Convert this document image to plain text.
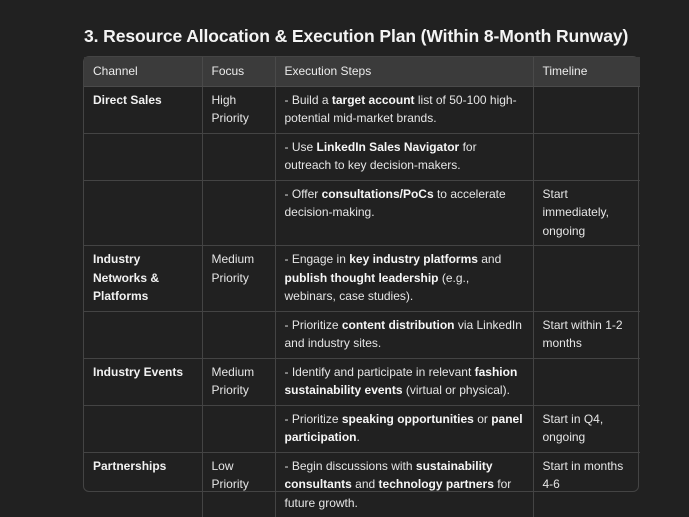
3. Resource Allocation & Execution Plan (Within 8-Month Runway)
Channel	Focus	Execution Steps	Timeline
Direct Sales	High Priority	- Build a target account list of 50-100 high-potential mid-market brands.	
		- Use LinkedIn Sales Navigator for outreach to key decision-makers.	
		- Offer consultations/PoCs to accelerate decision-making.	Start immediately, ongoing
Industry Networks & Platforms	Medium Priority	- Engage in key industry platforms and publish thought leadership (e.g., webinars, case studies).	
		- Prioritize content distribution via LinkedIn and industry sites.	Start within 1-2 months
Industry Events	Medium Priority	- Identify and participate in relevant fashion sustainability events (virtual or physical).	
		- Prioritize speaking opportunities or panel participation.	Start in Q4, ongoing
Partnerships	Low Priority	- Begin discussions with sustainability consultants and technology partners for future growth.	Start in months 4-6
